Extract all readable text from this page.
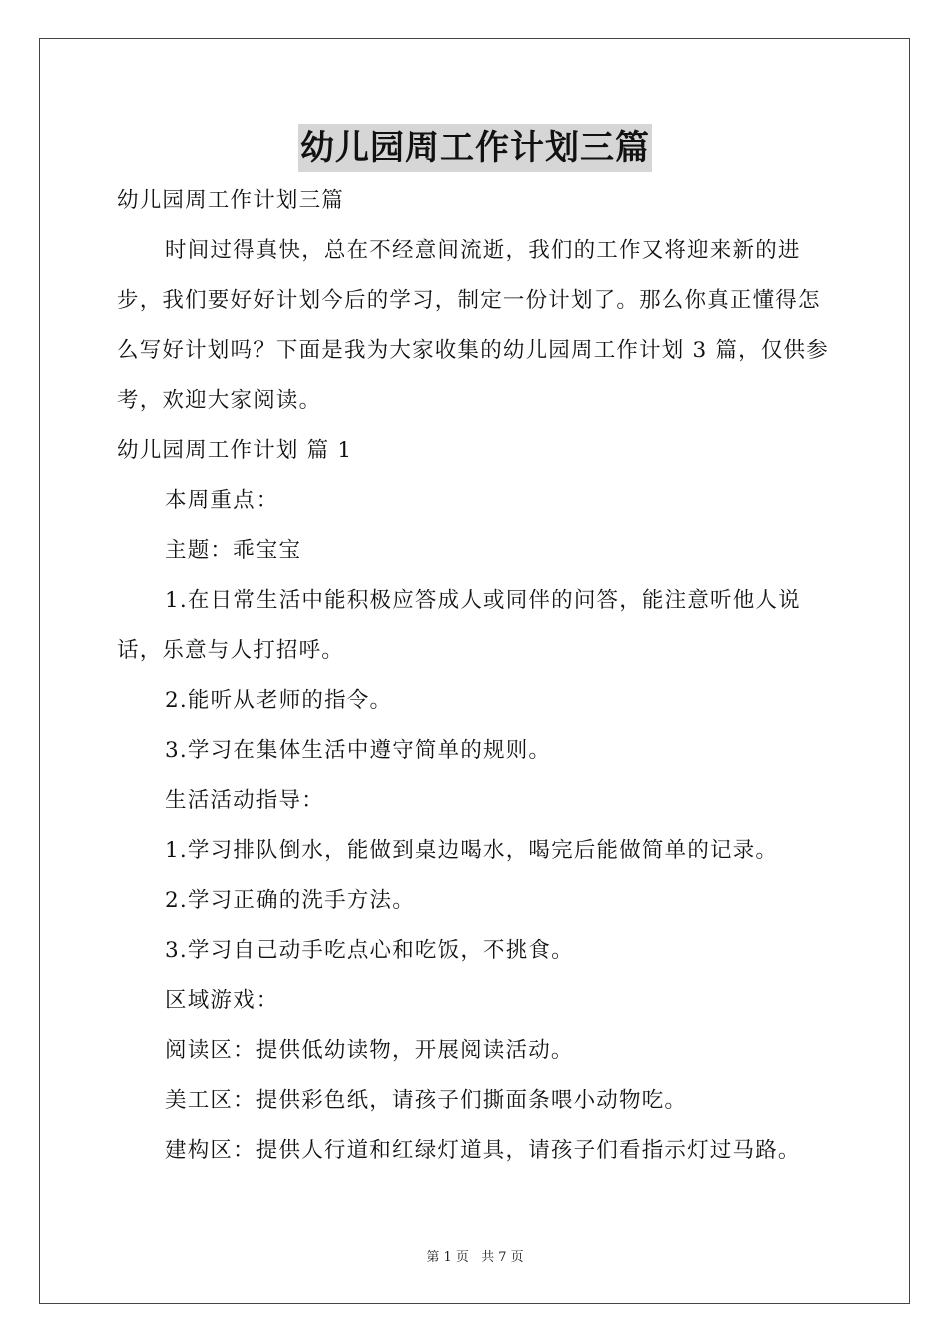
幼儿园周工作计划三篇

幼儿园周工作计划三篇

时间过得真快，总在不经意间流逝，我们的工作又将迎来新的进步，我们要好好计划今后的学习，制定一份计划了。那么你真正懂得怎么写好计划吗？下面是我为大家收集的幼儿园周工作计划 3 篇，仅供参考，欢迎大家阅读。

幼儿园周工作计划 篇 1

本周重点：

主题：乖宝宝

1.在日常生活中能积极应答成人或同伴的问答，能注意听他人说话，乐意与人打招呼。

2.能听从老师的指令。

3.学习在集体生活中遵守简单的规则。

生活活动指导：

1.学习排队倒水，能做到桌边喝水，喝完后能做简单的记录。

2.学习正确的洗手方法。

3.学习自己动手吃点心和吃饭，不挑食。

区域游戏：

阅读区：提供低幼读物，开展阅读活动。

美工区：提供彩色纸，请孩子们撕面条喂小动物吃。

建构区：提供人行道和红绿灯道具，请孩子们看指示灯过马路。

第 1 页 共 7 页
